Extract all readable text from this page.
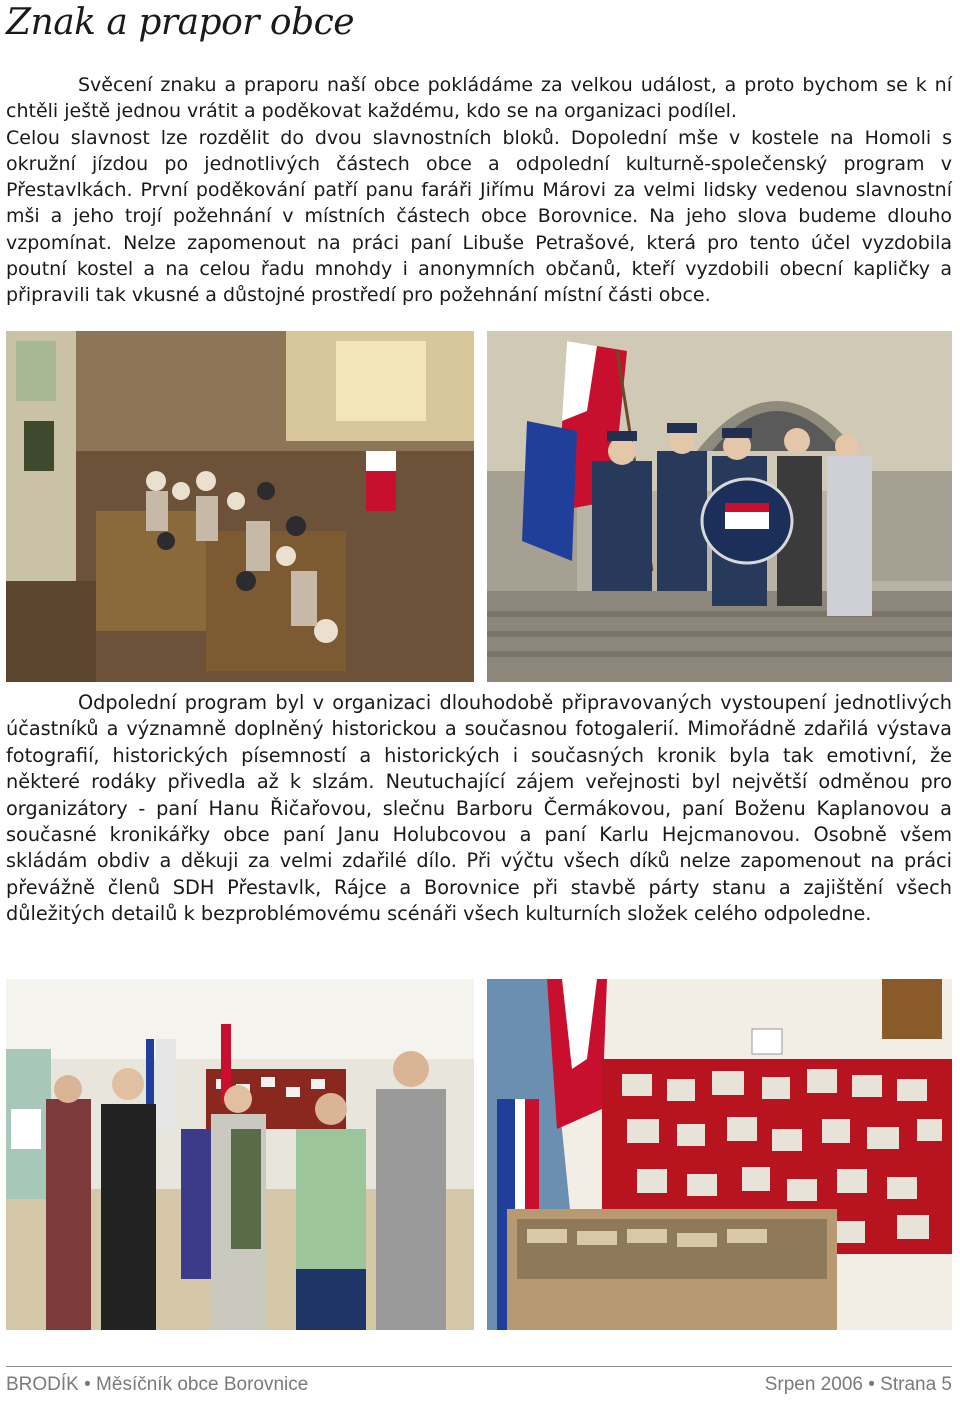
Znak a prapor obce

Svěcení znaku a praporu naší obce pokládáme za velkou událost, a proto bychom se k ní chtěli ještě jednou vrátit a poděkovat každému, kdo se na organizaci podílel.

Celou slavnost lze rozdělit do dvou slavnostních bloků. Dopolední mše v kostele na Homoli s okružní jízdou po jednotlivých částech obce a odpolední kulturně-společenský program v Přestavlkách. První poděkování patří panu faráři Jiřímu Márovi za velmi lidsky vedenou slavnostní mši a jeho trojí požehnání v místních částech obce Borovnice. Na jeho slova budeme dlouho vzpomínat. Nelze zapomenout na práci paní Libuše Petrašové, která pro tento účel vyzdobila poutní kostel a na celou řadu mnohdy i anonymních občanů, kteří vyzdobili obecní kapličky a připravili tak vkusné a důstojné prostředí pro požehnání místní části obce.

Odpolední program byl v organizaci dlouhodobě připravovaných vystoupení jednotlivých účastníků a významně doplněný historickou a současnou fotogalerií. Mimořádně zdařilá výstava fotografií, historických písemností a historických i současných kronik byla tak emotivní, že některé rodáky přivedla až k slzám. Neutuchající zájem veřejnosti byl největší odměnou pro organizátory - paní Hanu Řičařovou, slečnu Barboru Čermákovou, paní Boženu Kaplanovou a současné kronikářky obce paní Janu Holubcovou a paní Karlu Hejcmanovou. Osobně všem skládám obdiv a děkuji za velmi zdařilé dílo. Při výčtu všech díků nelze zapomenout na práci převážně členů SDH Přestavlk, Rájce a Borovnice při stavbě párty stanu a zajištění všech důležitých detailů k bezproblémovému scénáři všech kulturních složek celého odpoledne.

BRODÍK • Měsíčník obce Borovnice	Srpen 2006 • Strana 5
